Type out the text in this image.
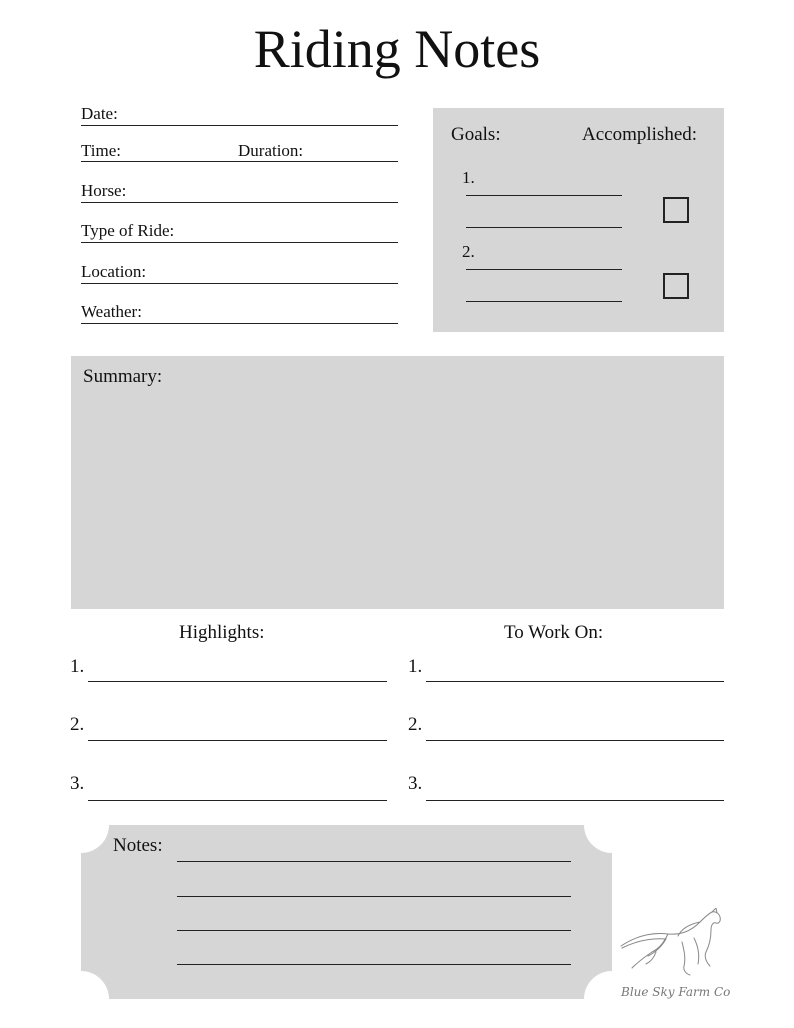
Riding Notes
Date:
Time:	Duration:
Horse:
Type of Ride:
Location:
Weather:
Goals:	Accomplished:
1.
2.
Summary:
Highlights:
1.
2.
3.
To Work On:
1.
2.
3.
Notes:
Blue Sky Farm Co
